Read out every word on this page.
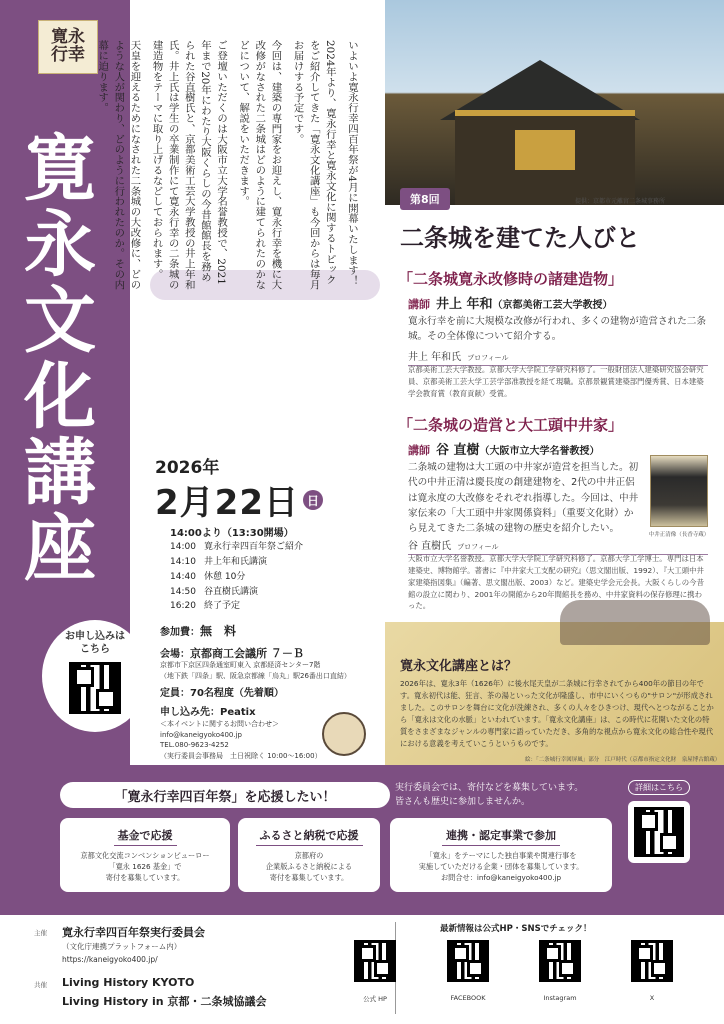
寛永行幸
寛永文化講座
お申し込みは
こちら

いよいよ寛永行幸四百年祭が4月に開幕いたします！

2024年より、寛永行幸と寛永文化に関するトピックをご紹介してきた「寛永文化講座」も今回からは毎月お届けする予定です。

今回は、建築の専門家をお迎えし、寛永行幸を機に大改修がなされた二条城はどのように建てられたのかなどについて、解説をいただきます。

ご登壇いただくのは大阪市立大学名誉教授で、2021年まで20年にわたり大阪くらしの今昔館館長を務められた谷直樹氏と、京都美術工芸大学教授の井上年和氏。井上氏は学生の卒業制作にて寛永行幸の二条城の建造物をテーマに取り上げるなどしておられます。

天皇を迎えるためになされた二条城の大改修に、どのような人が関わり、どのように行われたのか。その内幕に迫ります。

提供：京都市元離宮二条城事務所
第8回
二条城を建てた人びと
「二条城寛永改修時の諸建造物」
講師 井上 年和（京都美術工芸大学教授）
寛永行幸を前に大規模な改修が行われ、多くの建物が造営された二条城。その全体像について紹介する。
井上 年和氏 プロフィール
京都美術工芸大学教授。京都大学大学院工学研究科修了。一般財団法人建築研究協会研究員、京都美術工芸大学工芸学部准教授を経て現職。京都景観賞建築部門優秀賞、日本建築学会教育賞（教育貢献）受賞。
「二条城の造営と大工頭中井家」
講師 谷 直樹（大阪市立大学名誉教授）
二条城の建物は大工頭の中井家が造営を担当した。初代の中井正清は慶長度の創建建物を、2代の中井正侶は寛永度の大改修をそれぞれ指導した。今回は、中井家伝来の「大工頭中井家関係資料」（重要文化財）から見えてきた二条城の建物の歴史を紹介したい。
中井正清像（長香寺蔵）
谷 直樹氏 プロフィール
大阪市立大学名誉教授。京都大学大学院工学研究科修了。京都大学工学博士。専門は日本建築史、博物館学。著書に『中井家大工支配の研究』（思文閣出版、1992）、『大工頭中井家建築指図集』（編著、思文閣出版、2003）など。建築史学会元会長。大阪くらしの今昔館の設立に関わり、2001年の開館から20年間館長を務め、中井家資料の保存修理に携わった。
2026年
2月22日 日
14:00より（13:30開場）
14:00 寛永行幸四百年祭ご紹介
14:10 井上年和氏講演
14:40 休憩 10分
14:50 谷直樹氏講演
16:20 終了予定
参加費：無　料
会場：京都商工会議所 ７－Ｂ
京都市下京区四条通室町東入 京都経済センター7階
（地下鉄「四条」駅、阪急京都線「烏丸」駅26番出口直結）
定員：70名程度（先着順）
申し込み先：Peatix
＜本イベントに関するお問い合わせ＞
info@kaneigyoko400.jp
TEL.080-9623-4252
（実行委員会事務局　土日祝除く 10:00～16:00）
寛永文化講座とは？
2026年は、寛永3年（1626年）に後水尾天皇が二条城に行幸されてから400年の節目の年です。寛永初代は能、狂言、茶の湯といった文化が隆盛し、市中にいくつもの"サロン"が形成されました。このサロンを舞台に文化が洗練され、多くの人々をひきつけ、現代へとつながることから「寛永は文化の水脈」といわれています。「寛永文化講座」は、この時代に花開いた文化の特質をさまざまなジャンルの専門家に語っていただき、多角的な視点から寛永文化の総合性や現代における意義を考えていこうというものです。
絵：「二条城行幸図屏風」部分　江戸時代（京都市指定文化財　泉屋博古館蔵）
「寛永行幸四百年祭」を応援したい！
実行委員会では、寄付などを募集しています。
皆さんも歴史に参加しませんか。
基金で応援
京都文化交流コンベンションビューロー
「寛永 1626 基金」で
寄付を募集しています。
ふるさと納税で応援
京都府の
企業版ふるさと納税による
寄付を募集しています。
連携・認定事業で参加
「寛永」をテーマにした独自事業や関連行事を
実施していただける企業・団体を募集しています。
お問合せ：info@kaneigyoko400.jp
詳細はこちら
主催 寛永行幸四百年祭実行委員会
（文化庁連携プラットフォーム内）
https://kaneigyoko400.jp/
共催 Living History KYOTO
Living History in 京都・二条城協議会
最新情報は公式HP・SNSでチェック！
公式 HP	FACEBOOK	Instagram	X
